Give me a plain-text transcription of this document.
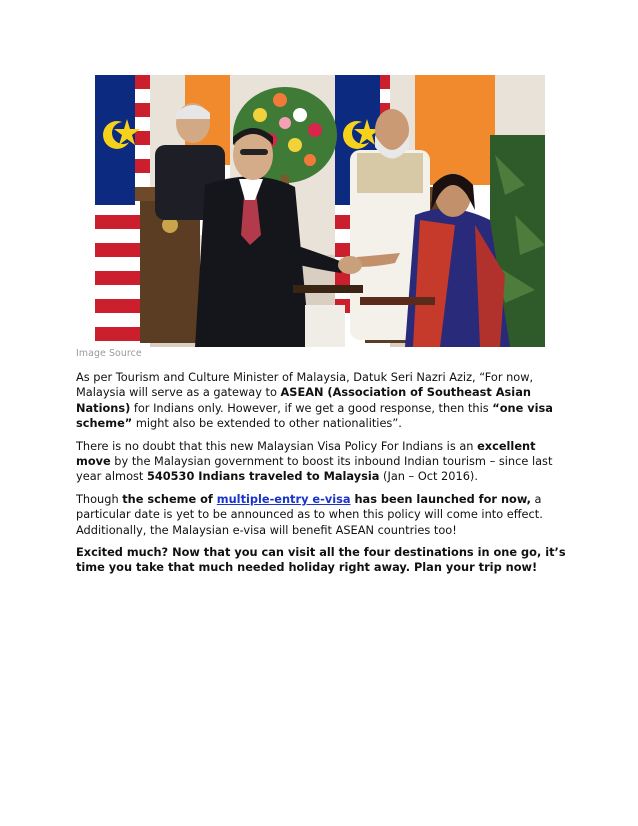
Image Source

As per Tourism and Culture Minister of Malaysia, Datuk Seri Nazri Aziz, “For now, Malaysia will serve as a gateway to ASEAN (Association of Southeast Asian Nations) for Indians only. However, if we get a good response, then this “one visa scheme” might also be extended to other nationalities”.

There is no doubt that this new Malaysian Visa Policy For Indians is an excellent move by the Malaysian government to boost its inbound Indian tourism – since last year almost 540530 Indians traveled to Malaysia (Jan – Oct 2016).

Though the scheme of multiple-entry e-visa has been launched for now, a particular date is yet to be announced as to when this policy will come into effect. Additionally, the Malaysian e-visa will benefit ASEAN countries too!

Excited much? Now that you can visit all the four destinations in one go, it’s time you take that much needed holiday right away. Plan your trip now!
